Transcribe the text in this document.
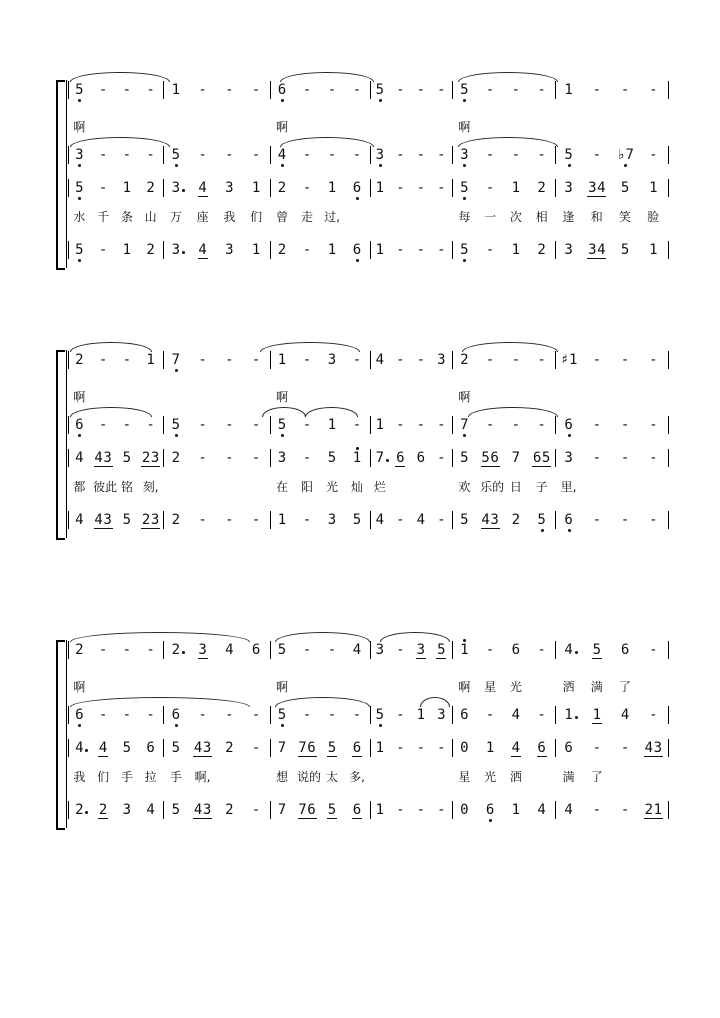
5 - - - 1 - - - 6 - - - 5 - - - 5 - - - 1 - - -
啊	啊	啊
3 - - - 5 - - - 4 - - - 3 - - - 3 - - - 5 - ♭7 -
5 - 1 2 3 4 3 1 2 - 1 6 1 - - - 5 - 1 2 3 3 4 5 1
水 千 条 山	万	座	我	们	曾	走 过,	每	一	次	相	逢	和	笑	脸
5 - 1 2 3 4 3 1 2 - 1 6 1 - - - 5 - 1 2 3 3 4 5 1
2 - - 1 7 - - - 1 - 3 - 4 - - 3 2 - - - ♯1 - - -
啊	啊	啊
6 - - - 5 - - - 5 - 1 - 1 - - - 7 - - - 6 - - -
4 4 3 5 2 3 2 - - - 3 - 5 1 7 6 6 - 5 5 6 7 6 5 3 - - -
都 彼此 铭 刻,	在	阳	光	灿 烂	欢 乐的 日	子	里,
4 4 3 5 2 3 2 - - - 1 - 3 5 4 - 4 - 5 4 3 2 5 6 - - -
2 - - - 2 3 4 6 5 - - 4 3 - 3 5 1 - 6 - 4 5 6 -
啊	啊	啊	星	光	洒	满	了
6 - - - 6 - - - 5 - - - 5 - 1 3 6 - 4 - 1 1 4 -
4 4 5 6 5 4 3 2 - 7 7 6 5 6 1 - - - 0 1 4 6 6 - - 4 3
我 们 手 拉	手	啊,	想 说的 太 多,	星	光	洒	满	了
2 2 3 4 5 4 3 2 - 7 7 6 5 6 1 - - - 0 6 1 4 4 - - 2 1
